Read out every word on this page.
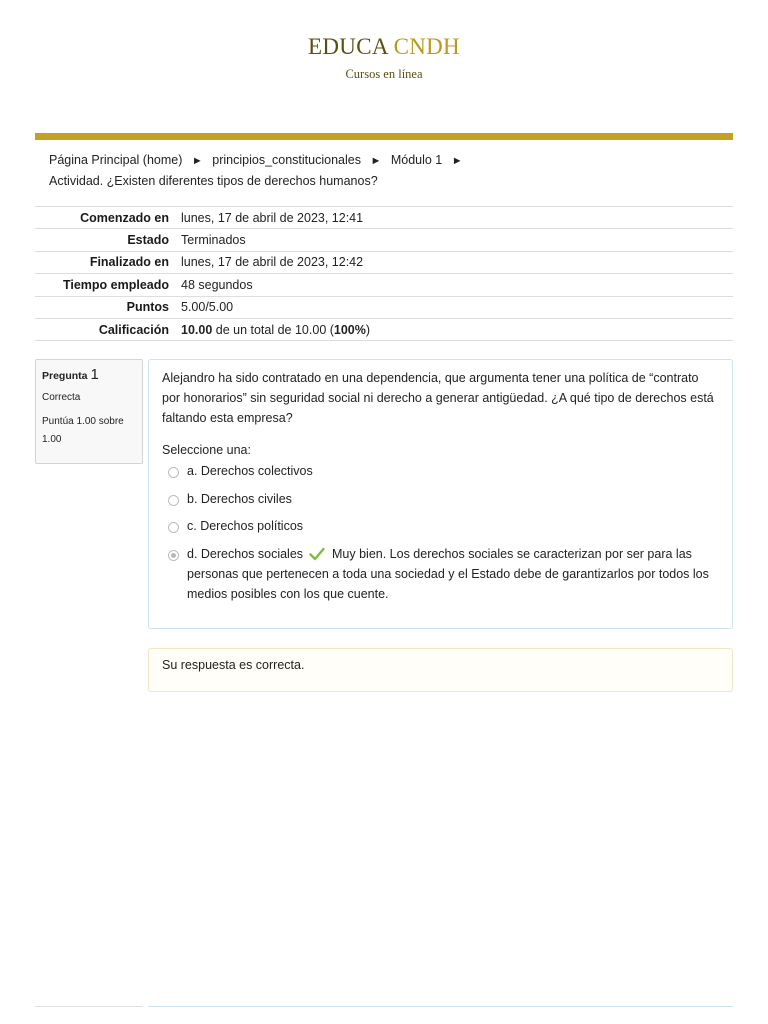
EDUCA CNDH
Cursos en línea
Página Principal (home) ► principios_constitucionales ► Módulo 1 ►
Actividad. ¿Existen diferentes tipos de derechos humanos?
Comenzado en	lunes, 17 de abril de 2023, 12:41
Estado	Terminados
Finalizado en	lunes, 17 de abril de 2023, 12:42
Tiempo empleado	48 segundos
Puntos	5.00/5.00
Calificación	10.00 de un total de 10.00 (100%)
Pregunta 1
Correcta
Puntúa 1.00 sobre 1.00
Alejandro ha sido contratado en una dependencia, que argumenta tener una política de “contrato por honorarios” sin seguridad social ni derecho a generar antigüedad. ¿A qué tipo de derechos está faltando esta empresa?
Seleccione una:
a. Derechos colectivos
b. Derechos civiles
c. Derechos políticos
d. Derechos sociales Muy bien. Los derechos sociales se caracterizan por ser para las personas que pertenecen a toda una sociedad y el Estado debe de garantizarlos por todos los medios posibles con los que cuente.
Su respuesta es correcta.
